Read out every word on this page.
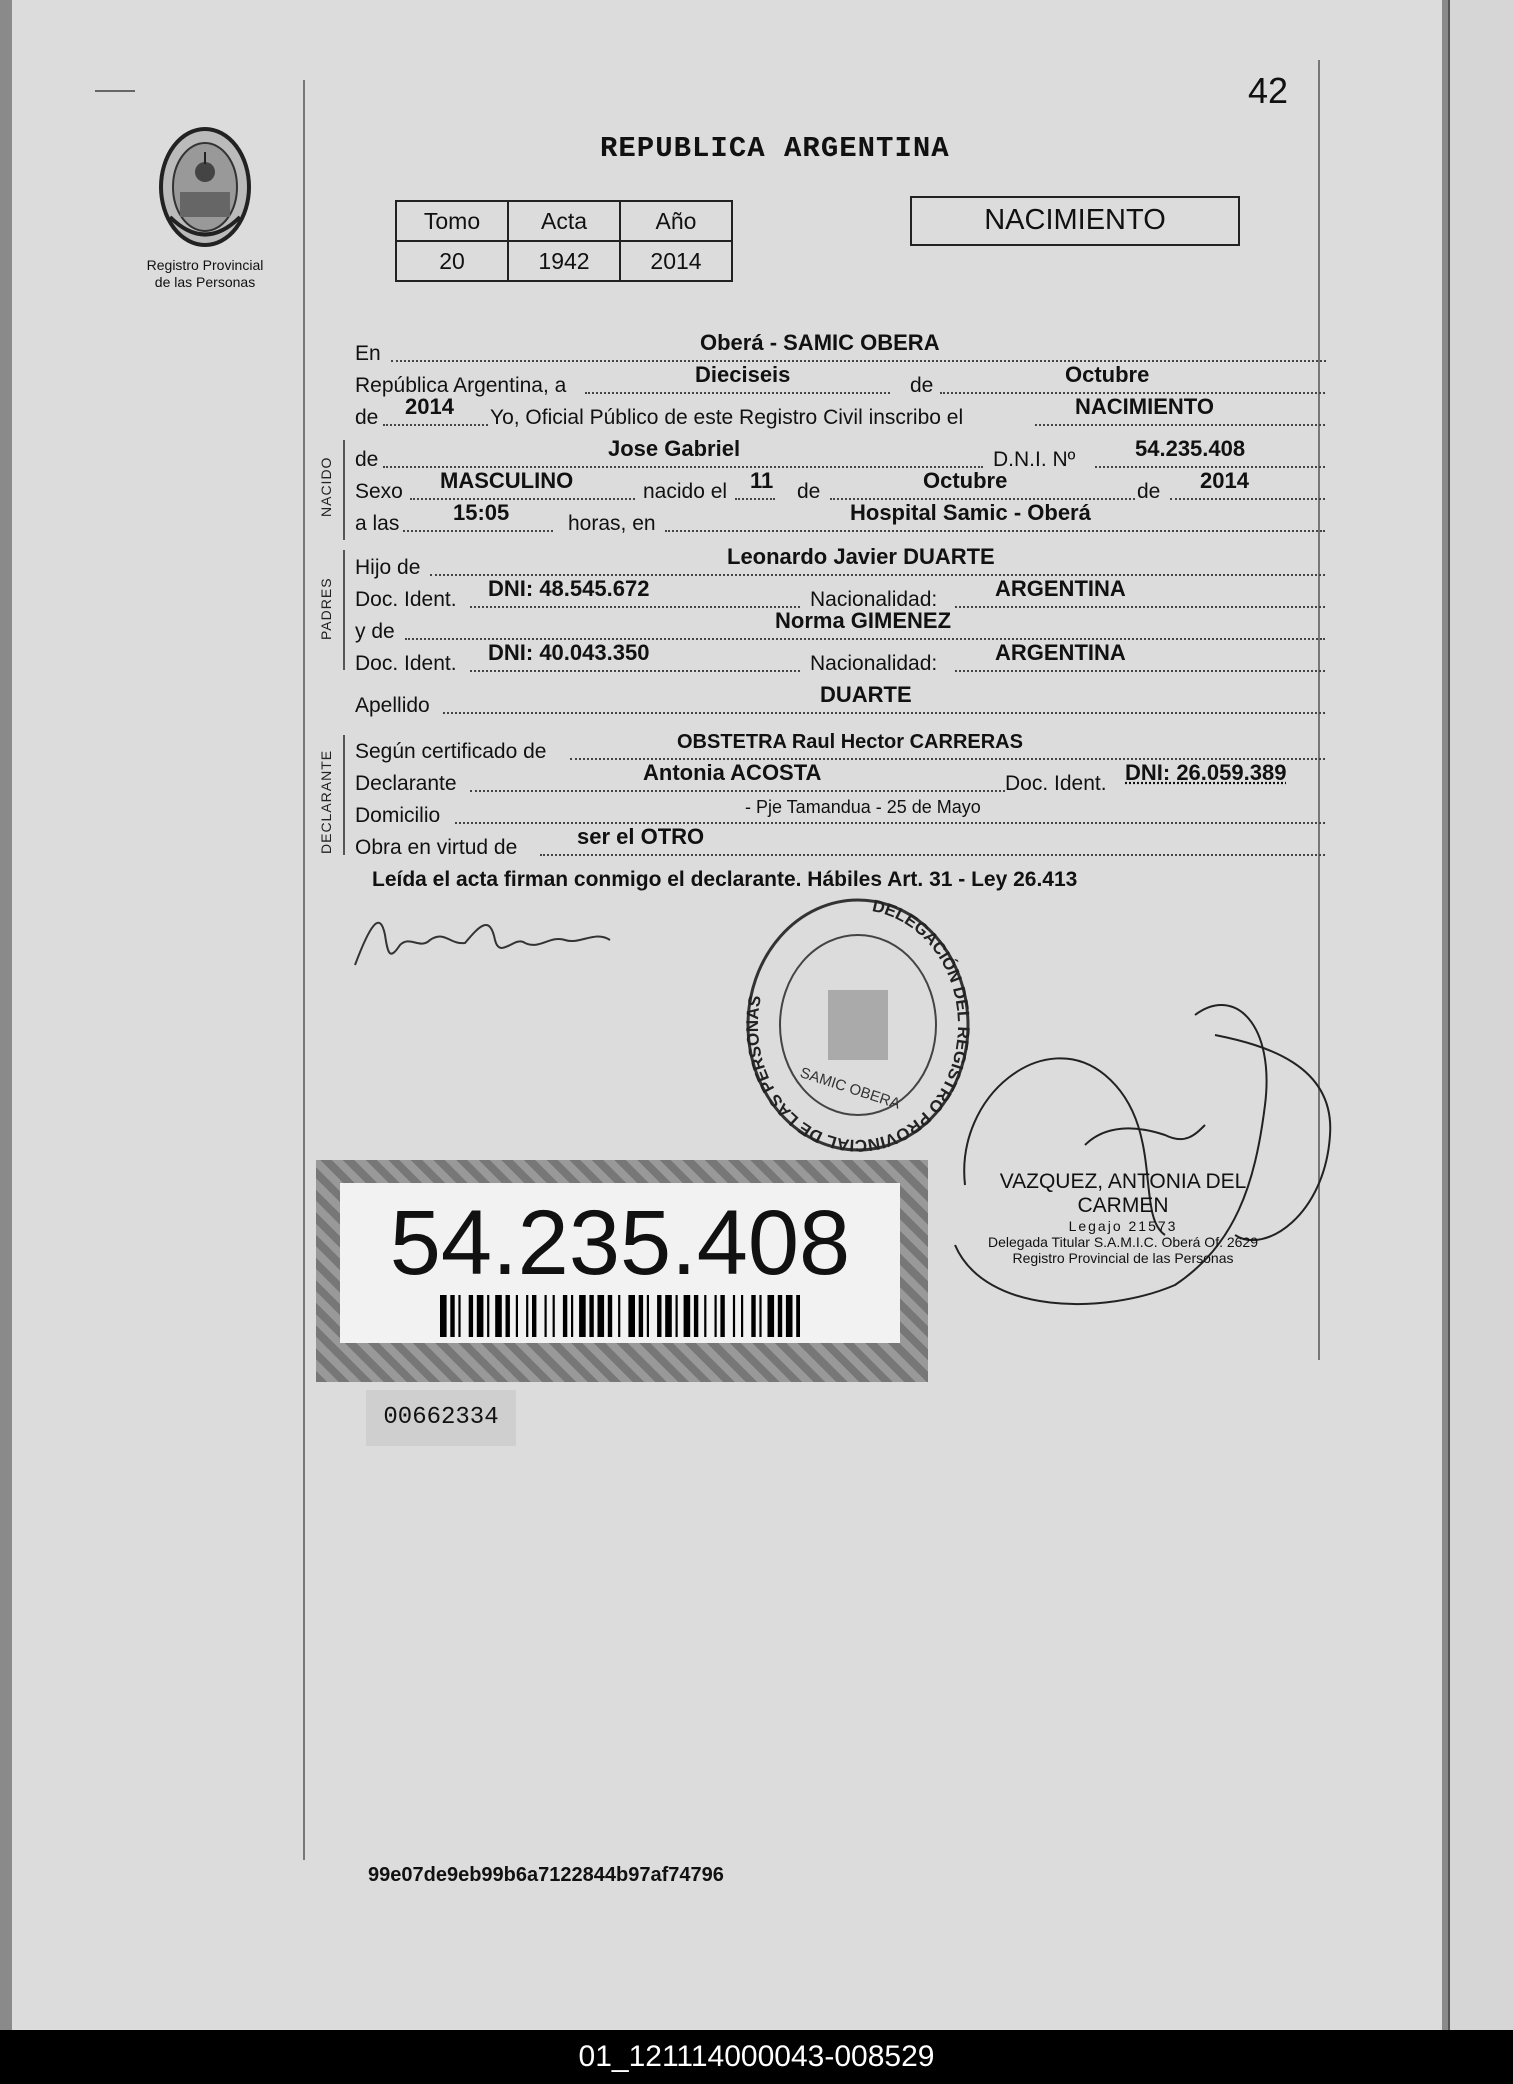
42
Registro Provincial
de las Personas
REPUBLICA ARGENTINA
Tomo	Acta	Año
20	1942	2014
NACIMIENTO
NACIDO
PADRES
DECLARANTE
En	Oberá - SAMIC OBERA
República Argentina, a	Dieciseis	de	Octubre
de 2014 Yo, Oficial Público de este Registro Civil inscribo el	NACIMIENTO
de	Jose Gabriel	D.N.I. Nº	54.235.408
Sexo MASCULINO	nacido el 11 de	Octubre	de 2014
a las 15:05	horas, en	Hospital Samic - Oberá
Hijo de	Leonardo Javier DUARTE
Doc. Ident. DNI: 48.545.672	Nacionalidad:	ARGENTINA
y de	Norma GIMENEZ
Doc. Ident. DNI: 40.043.350	Nacionalidad:	ARGENTINA
Apellido	DUARTE
Según certificado de	OBSTETRA Raul Hector CARRERAS
Declarante	Antonia ACOSTA	Doc. Ident. DNI: 26.059.389
Domicilio	- Pje Tamandua - 25 de Mayo
Obra en virtud de	ser el OTRO
Leída el acta firman conmigo el declarante. Hábiles Art. 31 - Ley 26.413
DELEGACIÓN DEL REGISTRO PROVINCIAL DE LAS PERSONAS
SAMIC OBERA
VAZQUEZ, ANTONIA DEL CARMEN
Legajo 21573
Delegada Titular S.A.M.I.C. Oberá Of. 2629
Registro Provincial de las Personas
54.235.408
00662334
99e07de9eb99b6a7122844b97af74796
01_121114000043-008529
